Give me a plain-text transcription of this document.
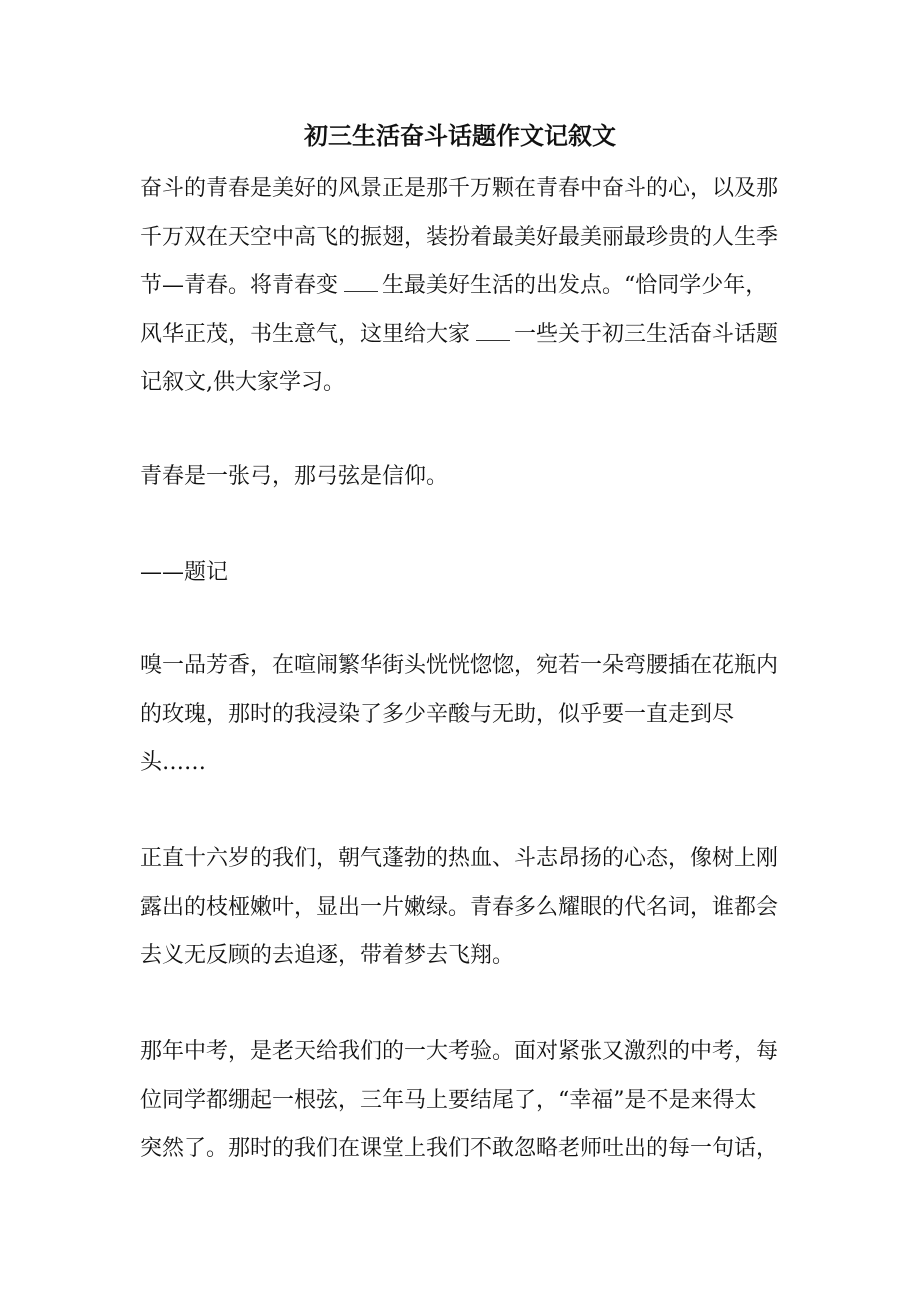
初三生活奋斗话题作文记叙文
奋斗的青春是美好的风景正是那千万颗在青春中奋斗的心，以及那
千万双在天空中高飞的振翅，装扮着最美好最美丽最珍贵的人生季
节—青春。将青春变 生最美好生活的出发点。“恰同学少年，
风华正茂，书生意气，这里给大家 一些关于初三生活奋斗话题
记叙文,供大家学习。
青春是一张弓，那弓弦是信仰。
——题记
嗅一品芳香，在喧闹繁华街头恍恍惚惚，宛若一朵弯腰插在花瓶内
的玫瑰，那时的我浸染了多少辛酸与无助，似乎要一直走到尽
头……
正直十六岁的我们，朝气蓬勃的热血、斗志昂扬的心态，像树上刚
露出的枝桠嫩叶，显出一片嫩绿。青春多么耀眼的代名词，谁都会
去义无反顾的去追逐，带着梦去飞翔。
那年中考，是老天给我们的一大考验。面对紧张又激烈的中考，每
位同学都绷起一根弦，三年马上要结尾了，“幸福”是不是来得太
突然了。那时的我们在课堂上我们不敢忽略老师吐出的每一句话，
